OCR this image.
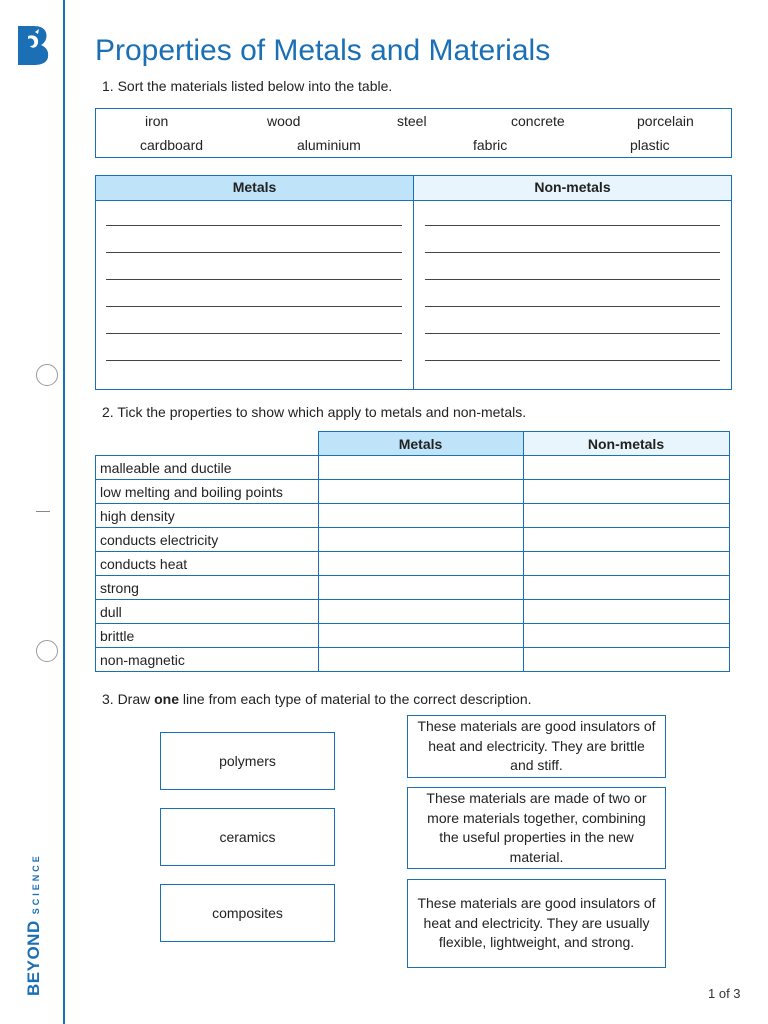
BEYONDSCIENCE
Properties of Metals and Materials
1. Sort the materials listed below into the table.
iron	wood	steel	concrete	porcelain
cardboard	aluminium	fabric	plastic
Metals	Non-metals
2. Tick the properties to show which apply to metals and non-metals.
	Metals	Non-metals
malleable and ductile		
low melting and boiling points		
high density		
conducts electricity		
conducts heat		
strong		
dull		
brittle		
non-magnetic		
3. Draw one line from each type of material to the correct description.
polymers
ceramics
composites
These materials are good insulators of heat and electricity. They are brittle and stiff.
These materials are made of two or more materials together, combining the useful properties in the new material.
These materials are good insulators of heat and electricity. They are usually flexible, lightweight, and strong.
1 of 3
